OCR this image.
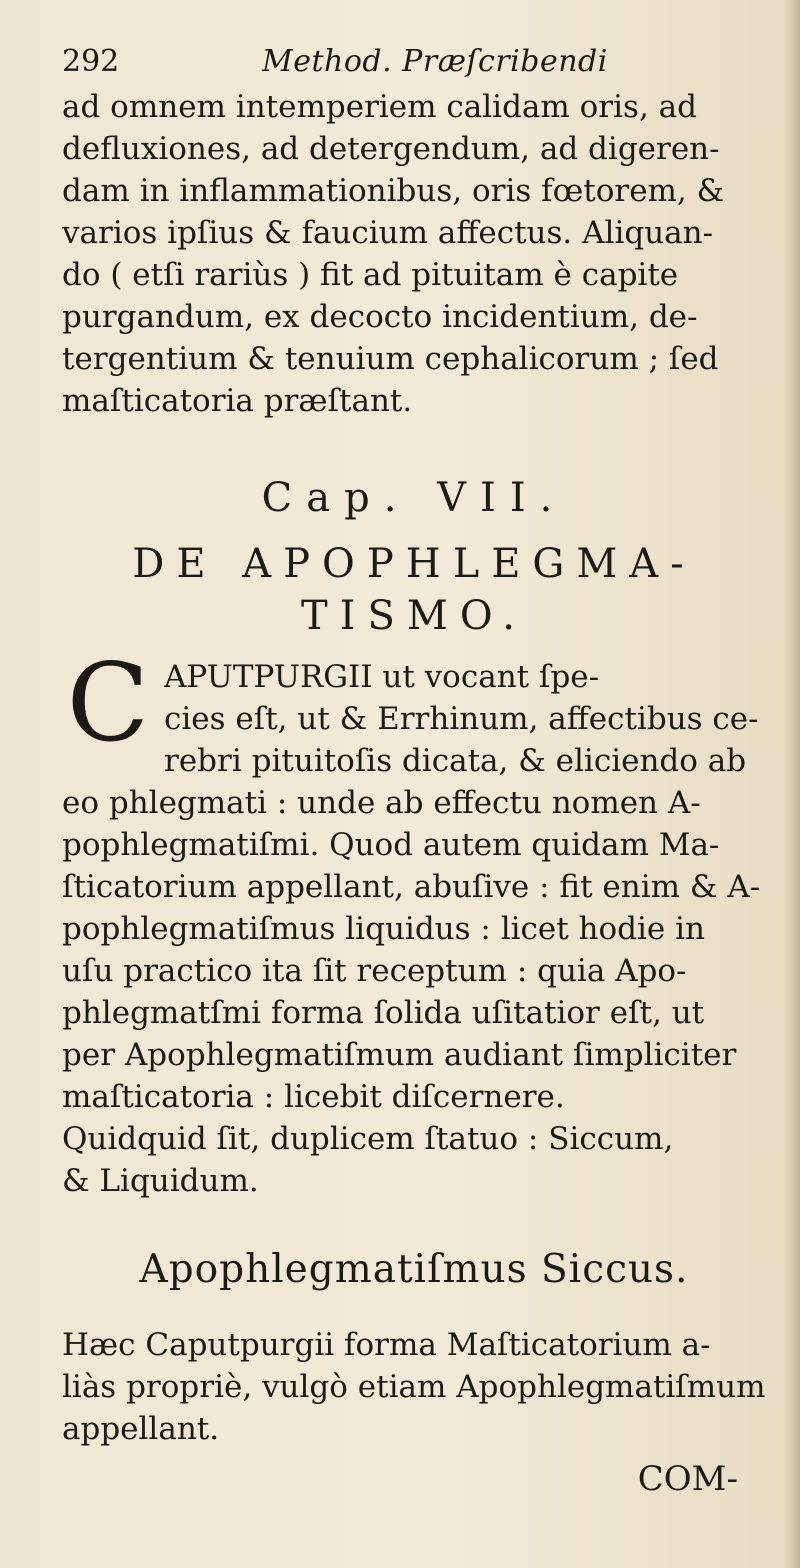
292	Method. Præſcribendi
ad omnem intemperiem calidam oris, ad
defluxiones, ad detergendum, ad digeren-
dam in inflammationibus, oris fœtorem, &
varios ipſius & faucium affectus. Aliquan-
do ( etſi rariùs ) fit ad pituitam è capite
purgandum, ex decocto incidentium, de-
tergentium & tenuium cephalicorum ; ſed
maſticatoria præſtant.
Cap. VII.
DE APOPHLEGMA-
TISMO.
C APUTPURGII ut vocant ſpe-
cies eſt, ut & Errhinum, affectibus ce-
rebri pituitoſis dicata, & eliciendo ab
eo phlegmati : unde ab effectu nomen Α-
pophlegmatiſmi. Quod autem quidam Ma-
ſticatorium appellant, abuſive : fit enim & A-
pophlegmatiſmus liquidus : licet hodie in
uſu practico ita ſit receptum : quia Apo-
phlegmatſmi forma ſolida uſitatior eſt, ut
per Apophlegmatiſmum audiant ſimpliciter
maſticatoria : licebit diſcernere.
Quidquid ſit, duplicem ſtatuo : Siccum,
& Liquidum.
Apophlegmatiſmus Siccus.
Hæc Caputpurgii forma Maſticatorium a-
liàs propriè, vulgò etiam Apophlegmatiſmum
appellant.
COM-
